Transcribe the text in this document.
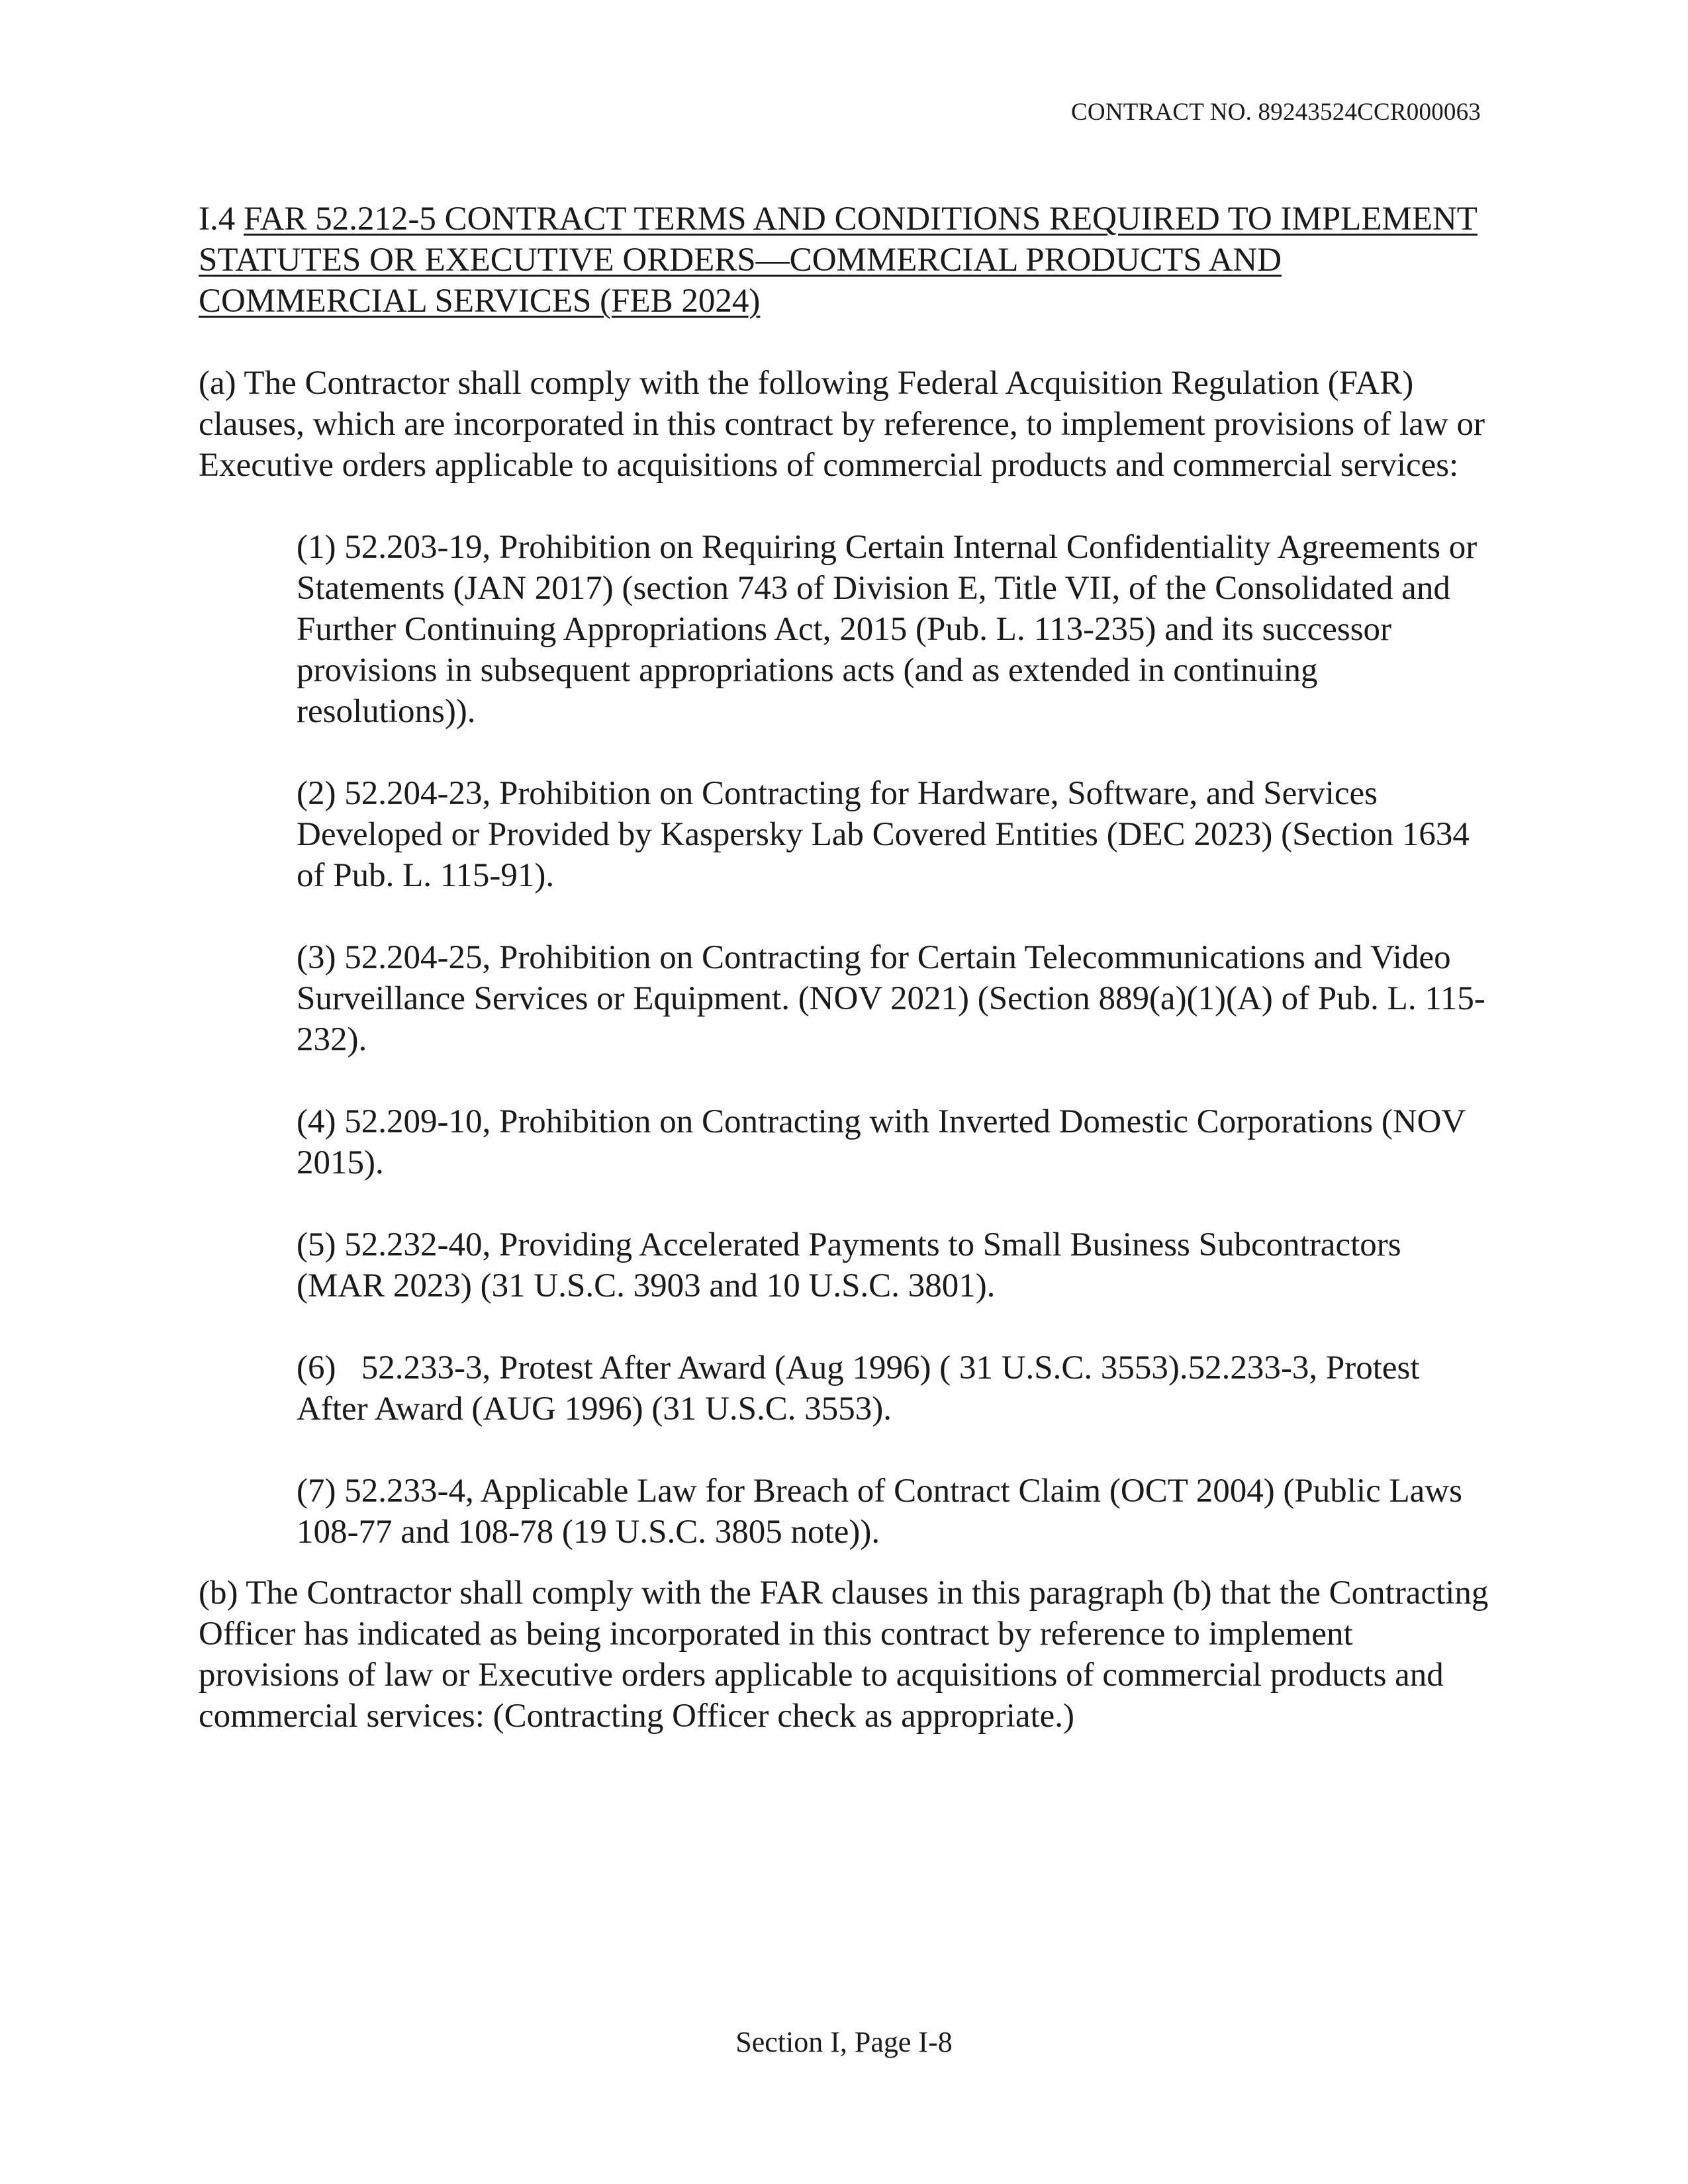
CONTRACT NO. 89243524CCR000063
I.4 FAR 52.212-5 CONTRACT TERMS AND CONDITIONS REQUIRED TO IMPLEMENT STATUTES OR EXECUTIVE ORDERS—COMMERCIAL PRODUCTS AND COMMERCIAL SERVICES (FEB 2024)

(a) The Contractor shall comply with the following Federal Acquisition Regulation (FAR) clauses, which are incorporated in this contract by reference, to implement provisions of law or Executive orders applicable to acquisitions of commercial products and commercial services:

(1) 52.203-19, Prohibition on Requiring Certain Internal Confidentiality Agreements or Statements (JAN 2017) (section 743 of Division E, Title VII, of the Consolidated and Further Continuing Appropriations Act, 2015 (Pub. L. 113-235) and its successor provisions in subsequent appropriations acts (and as extended in continuing resolutions)).
(2) 52.204-23, Prohibition on Contracting for Hardware, Software, and Services Developed or Provided by Kaspersky Lab Covered Entities (DEC 2023) (Section 1634 of Pub. L. 115-91).
(3) 52.204-25, Prohibition on Contracting for Certain Telecommunications and Video Surveillance Services or Equipment. (NOV 2021) (Section 889(a)(1)(A) of Pub. L. 115-232).
(4) 52.209-10, Prohibition on Contracting with Inverted Domestic Corporations (NOV 2015).
(5) 52.232-40, Providing Accelerated Payments to Small Business Subcontractors (MAR 2023) (31 U.S.C. 3903 and 10 U.S.C. 3801).
(6)   52.233-3, Protest After Award (Aug 1996) ( 31 U.S.C. 3553).52.233-3, Protest After Award (AUG 1996) (31 U.S.C. 3553).
(7) 52.233-4, Applicable Law for Breach of Contract Claim (OCT 2004) (Public Laws 108-77 and 108-78 (19 U.S.C. 3805 note)).

(b) The Contractor shall comply with the FAR clauses in this paragraph (b) that the Contracting Officer has indicated as being incorporated in this contract by reference to implement provisions of law or Executive orders applicable to acquisitions of commercial products and commercial services: (Contracting Officer check as appropriate.)

Section I, Page I-8
